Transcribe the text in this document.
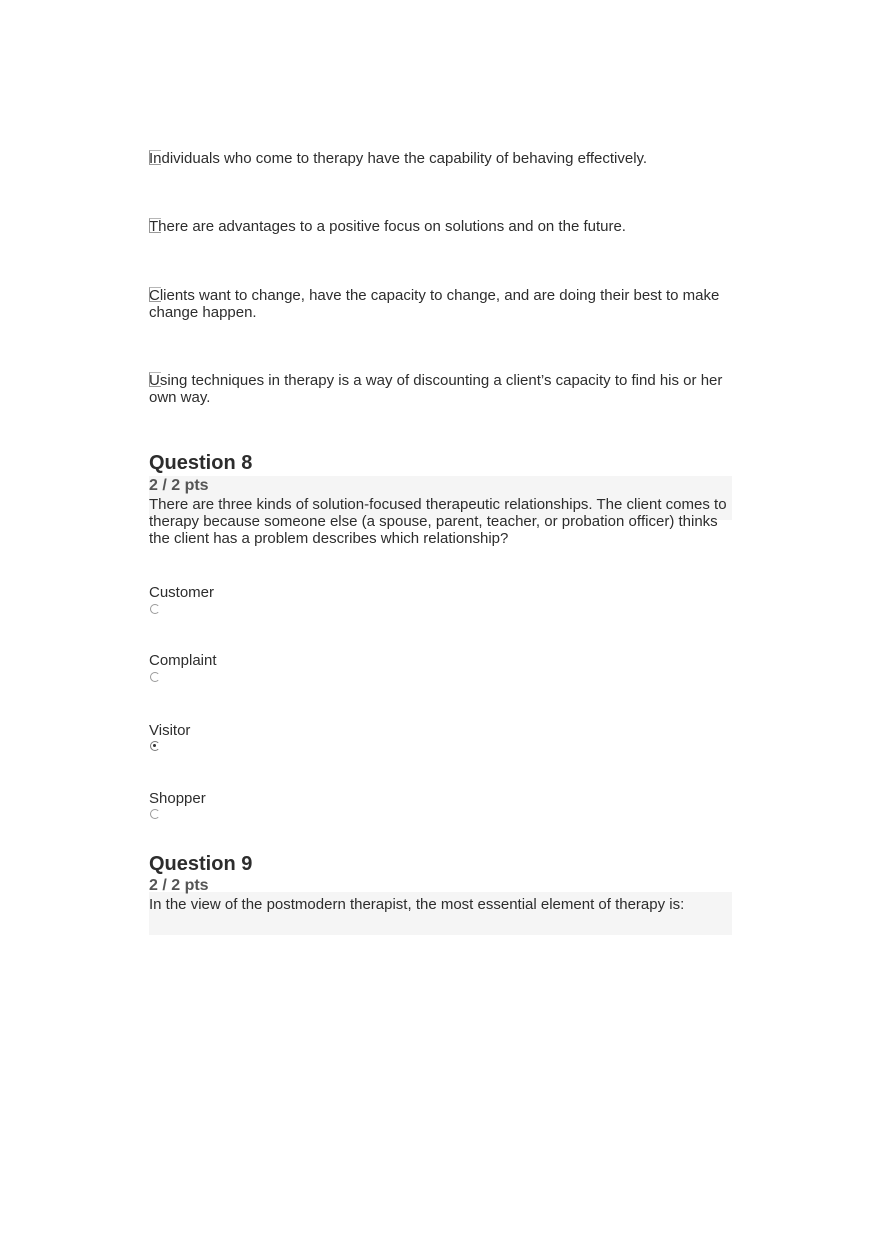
Individuals who come to therapy have the capability of behaving effectively.
There are advantages to a positive focus on solutions and on the future.
Clients want to change, have the capacity to change, and are doing their best to make change happen.
Using techniques in therapy is a way of discounting a client’s capacity to find his or her own way.
Question 8
2 / 2 pts
There are three kinds of solution-focused therapeutic relationships. The client comes to therapy because someone else (a spouse, parent, teacher, or probation ofﬁcer) thinks the client has a problem describes which relationship?
Customer
Complaint
Visitor
Shopper
Question 9
2 / 2 pts
In the view of the postmodern therapist, the most essential element of therapy is:
